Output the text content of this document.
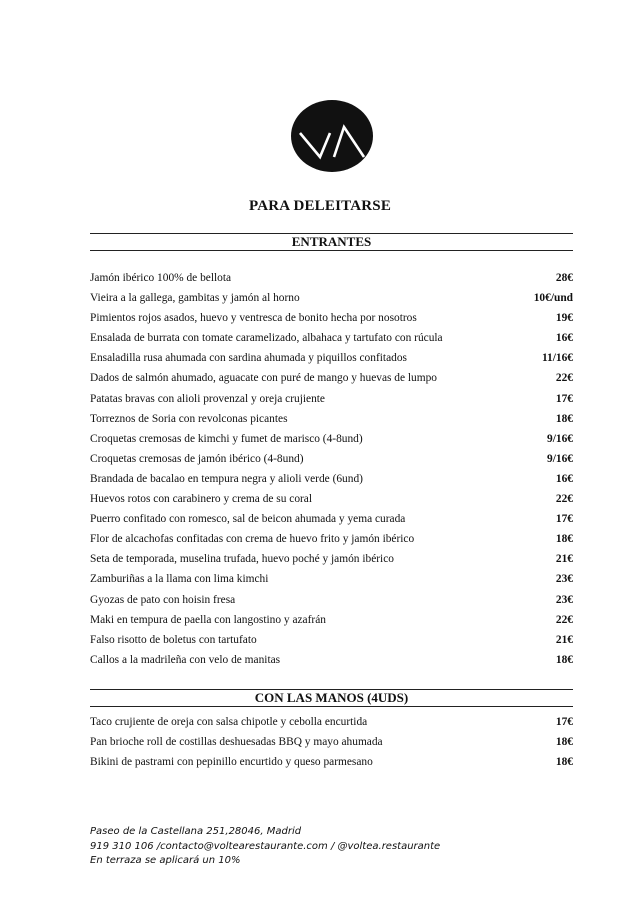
PARA DELEITARSE
ENTRANTES
Jamón ibérico 100% de bellota	28€
Vieira a la gallega, gambitas y jamón al horno	10€/und
Pimientos rojos asados, huevo y ventresca de bonito hecha por nosotros	19€
Ensalada de burrata con tomate caramelizado, albahaca y tartufato con rúcula	16€
Ensaladilla rusa ahumada con sardina ahumada y piquillos confitados	11/16€
Dados de salmón ahumado, aguacate con puré de mango y huevas de lumpo	22€
Patatas bravas con alioli provenzal y oreja crujiente	17€
Torreznos de Soria con revolconas picantes	18€
Croquetas cremosas de kimchi y fumet de marisco (4-8und)	9/16€
Croquetas cremosas de jamón ibérico (4-8und)	9/16€
Brandada de bacalao en tempura negra y alioli verde (6und)	16€
Huevos rotos con carabinero y crema de su coral	22€
Puerro confitado con romesco, sal de beicon ahumada y yema curada	17€
Flor de alcachofas confitadas con crema de huevo frito y jamón ibérico	18€
Seta de temporada, muselina trufada, huevo poché y jamón ibérico	21€
Zamburiñas a la llama con lima kimchi	23€
Gyozas de pato con hoisin fresa	23€
Maki en tempura de paella con langostino y azafrán	22€
Falso risotto de boletus con tartufato	21€
Callos a la madrileña con velo de manitas	18€
CON LAS MANOS (4UDS)
Taco crujiente de oreja con salsa chipotle y cebolla encurtida	17€
Pan brioche roll de costillas deshuesadas BBQ y mayo ahumada	18€
Bikini de pastrami con pepinillo encurtido y queso parmesano	18€
Paseo de la Castellana 251,28046, Madrid
919 310 106 /contacto@voltearestaurante.com / @voltea.restaurante
En terraza se aplicará un 10%
